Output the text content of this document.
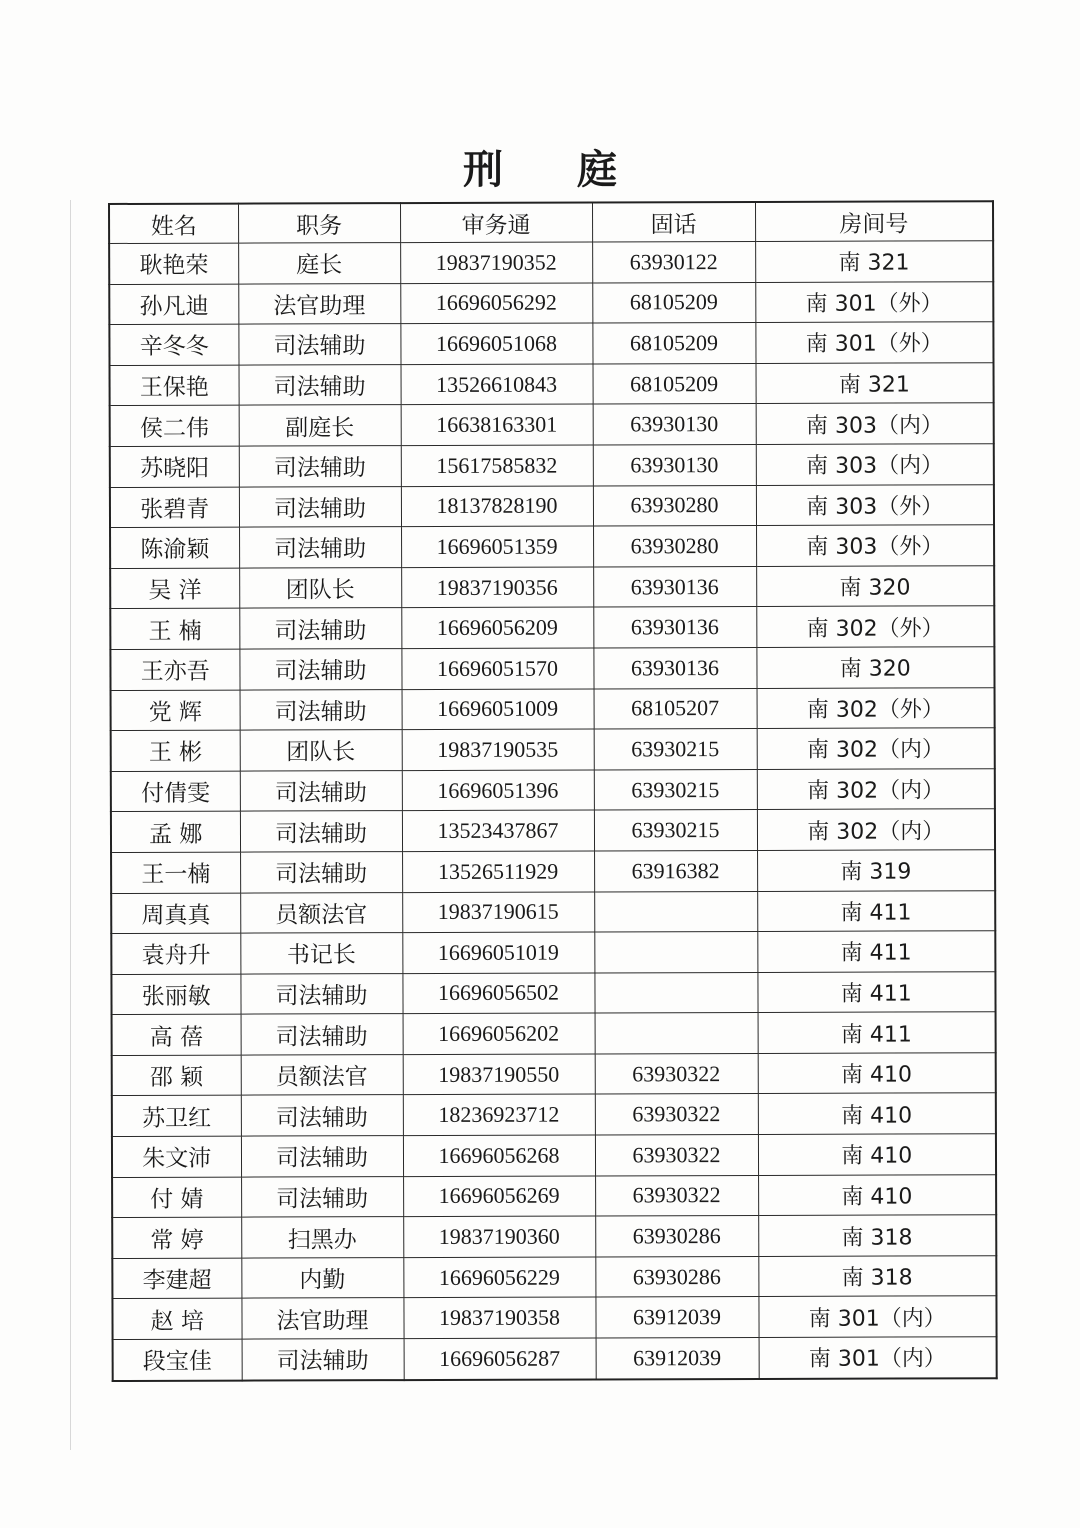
刑 庭
姓名	职务	审务通	固话	房间号
耿艳荣	庭长	19837190352	63930122	南 321
孙凡迪	法官助理	16696056292	68105209	南 301（外）
辛冬冬	司法辅助	16696051068	68105209	南 301（外）
王保艳	司法辅助	13526610843	68105209	南 321
侯二伟	副庭长	16638163301	63930130	南 303（内）
苏晓阳	司法辅助	15617585832	63930130	南 303（内）
张碧青	司法辅助	18137828190	63930280	南 303（外）
陈渝颖	司法辅助	16696051359	63930280	南 303（外）
吴 洋	团队长	19837190356	63930136	南 320
王 楠	司法辅助	16696056209	63930136	南 302（外）
王亦吾	司法辅助	16696051570	63930136	南 320
党 辉	司法辅助	16696051009	68105207	南 302（外）
王 彬	团队长	19837190535	63930215	南 302（内）
付倩雯	司法辅助	16696051396	63930215	南 302（内）
孟 娜	司法辅助	13523437867	63930215	南 302（内）
王一楠	司法辅助	13526511929	63916382	南 319
周真真	员额法官	19837190615		南 411
袁舟升	书记长	16696051019		南 411
张丽敏	司法辅助	16696056502		南 411
高 蓓	司法辅助	16696056202		南 411
邵 颖	员额法官	19837190550	63930322	南 410
苏卫红	司法辅助	18236923712	63930322	南 410
朱文沛	司法辅助	16696056268	63930322	南 410
付 婧	司法辅助	16696056269	63930322	南 410
常 婷	扫黑办	19837190360	63930286	南 318
李建超	内勤	16696056229	63930286	南 318
赵 培	法官助理	19837190358	63912039	南 301（内）
段宝佳	司法辅助	16696056287	63912039	南 301（内）
